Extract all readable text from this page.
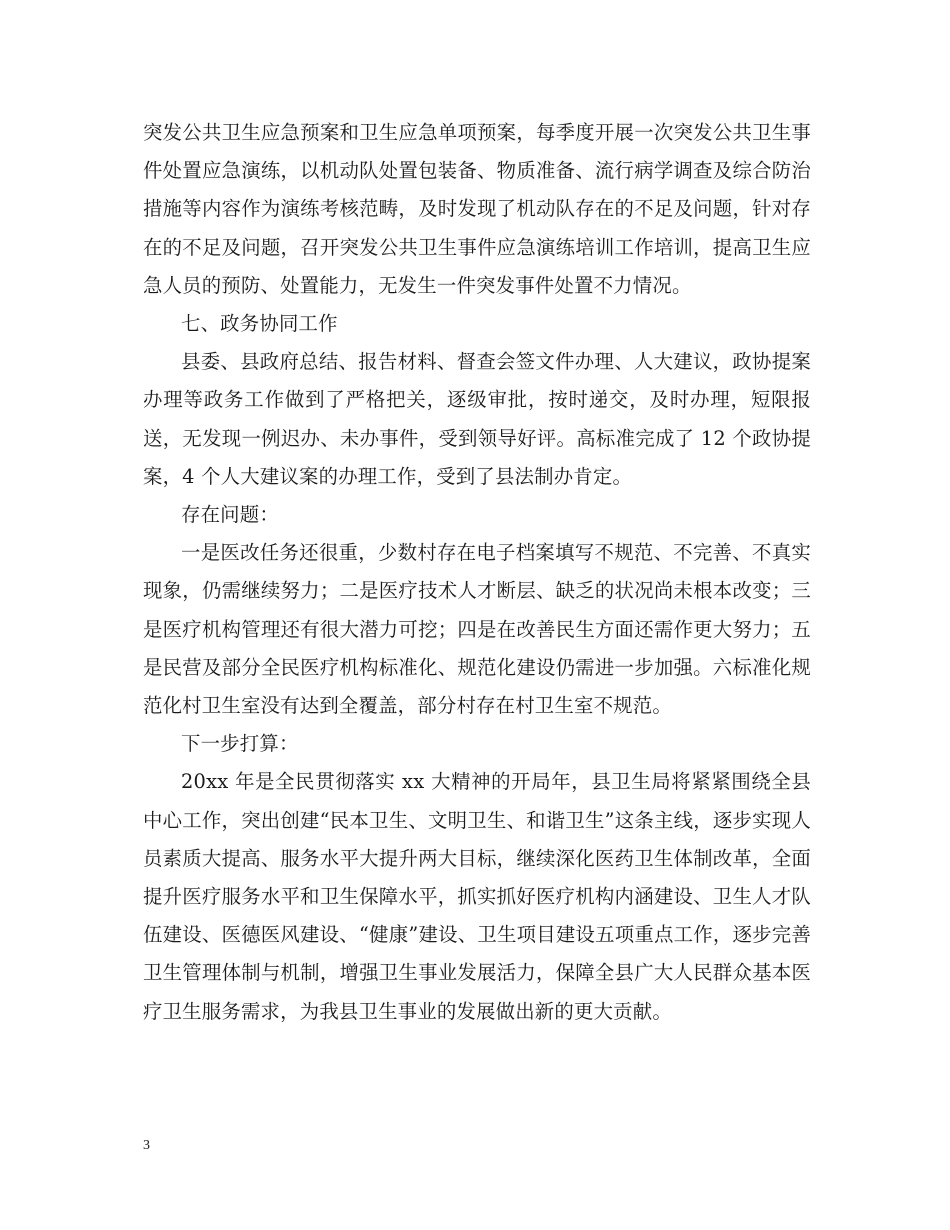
突发公共卫生应急预案和卫生应急单项预案，每季度开展一次突发公共卫生事件处置应急演练，以机动队处置包装备、物质准备、流行病学调查及综合防治措施等内容作为演练考核范畴，及时发现了机动队存在的不足及问题，针对存在的不足及问题，召开突发公共卫生事件应急演练培训工作培训，提高卫生应急人员的预防、处置能力，无发生一件突发事件处置不力情况。

七、政务协同工作

县委、县政府总结、报告材料、督查会签文件办理、人大建议，政协提案办理等政务工作做到了严格把关，逐级审批，按时递交，及时办理，短限报送，无发现一例迟办、未办事件，受到领导好评。高标准完成了 12 个政协提案，4 个人大建议案的办理工作，受到了县法制办肯定。

存在问题：

一是医改任务还很重，少数村存在电子档案填写不规范、不完善、不真实现象，仍需继续努力；二是医疗技术人才断层、缺乏的状况尚未根本改变；三是医疗机构管理还有很大潜力可挖；四是在改善民生方面还需作更大努力；五是民营及部分全民医疗机构标准化、规范化建设仍需进一步加强。六标准化规范化村卫生室没有达到全覆盖，部分村存在村卫生室不规范。

下一步打算：

20xx 年是全民贯彻落实 xx 大精神的开局年，县卫生局将紧紧围绕全县中心工作，突出创建“民本卫生、文明卫生、和谐卫生”这条主线，逐步实现人员素质大提高、服务水平大提升两大目标，继续深化医药卫生体制改革，全面提升医疗服务水平和卫生保障水平，抓实抓好医疗机构内涵建设、卫生人才队伍建设、医德医风建设、“健康”建设、卫生项目建设五项重点工作，逐步完善卫生管理体制与机制，增强卫生事业发展活力，保障全县广大人民群众基本医疗卫生服务需求，为我县卫生事业的发展做出新的更大贡献。

3
